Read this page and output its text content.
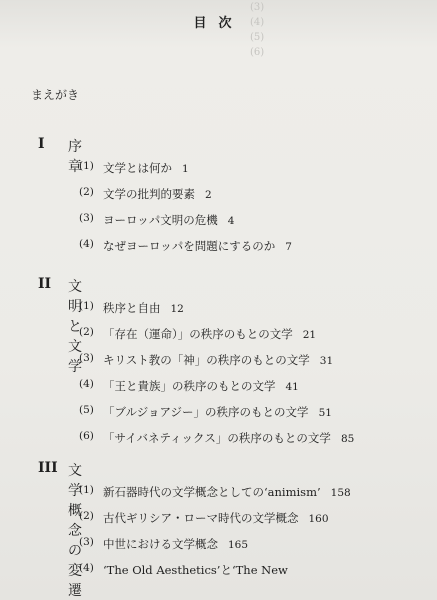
(3)
(4)
(5)
(6)
目次
まえがき
I 序 章
(1) 文学とは何か 1
(2) 文学の批判的要素 2
(3) ヨーロッパ文明の危機 4
(4) なぜヨーロッパを問題にするのか 7
II 文明と文学
(1) 秩序と自由 12
(2) 「存在（運命）」の秩序のもとの文学 21
(3) キリスト教の「神」の秩序のもとの文学 31
(4) 「王と貴族」の秩序のもとの文学 41
(5) 「ブルジョアジー」の秩序のもとの文学 51
(6) 「サイバネティックス」の秩序のもとの文学 85
III 文学概念の変遷
(1) 新石器時代の文学概念としての‘animism’ 158
(2) 古代ギリシア・ローマ時代の文学概念 160
(3) 中世における文学概念 165
(4) ‘The Old Aesthetics’と‘The New
